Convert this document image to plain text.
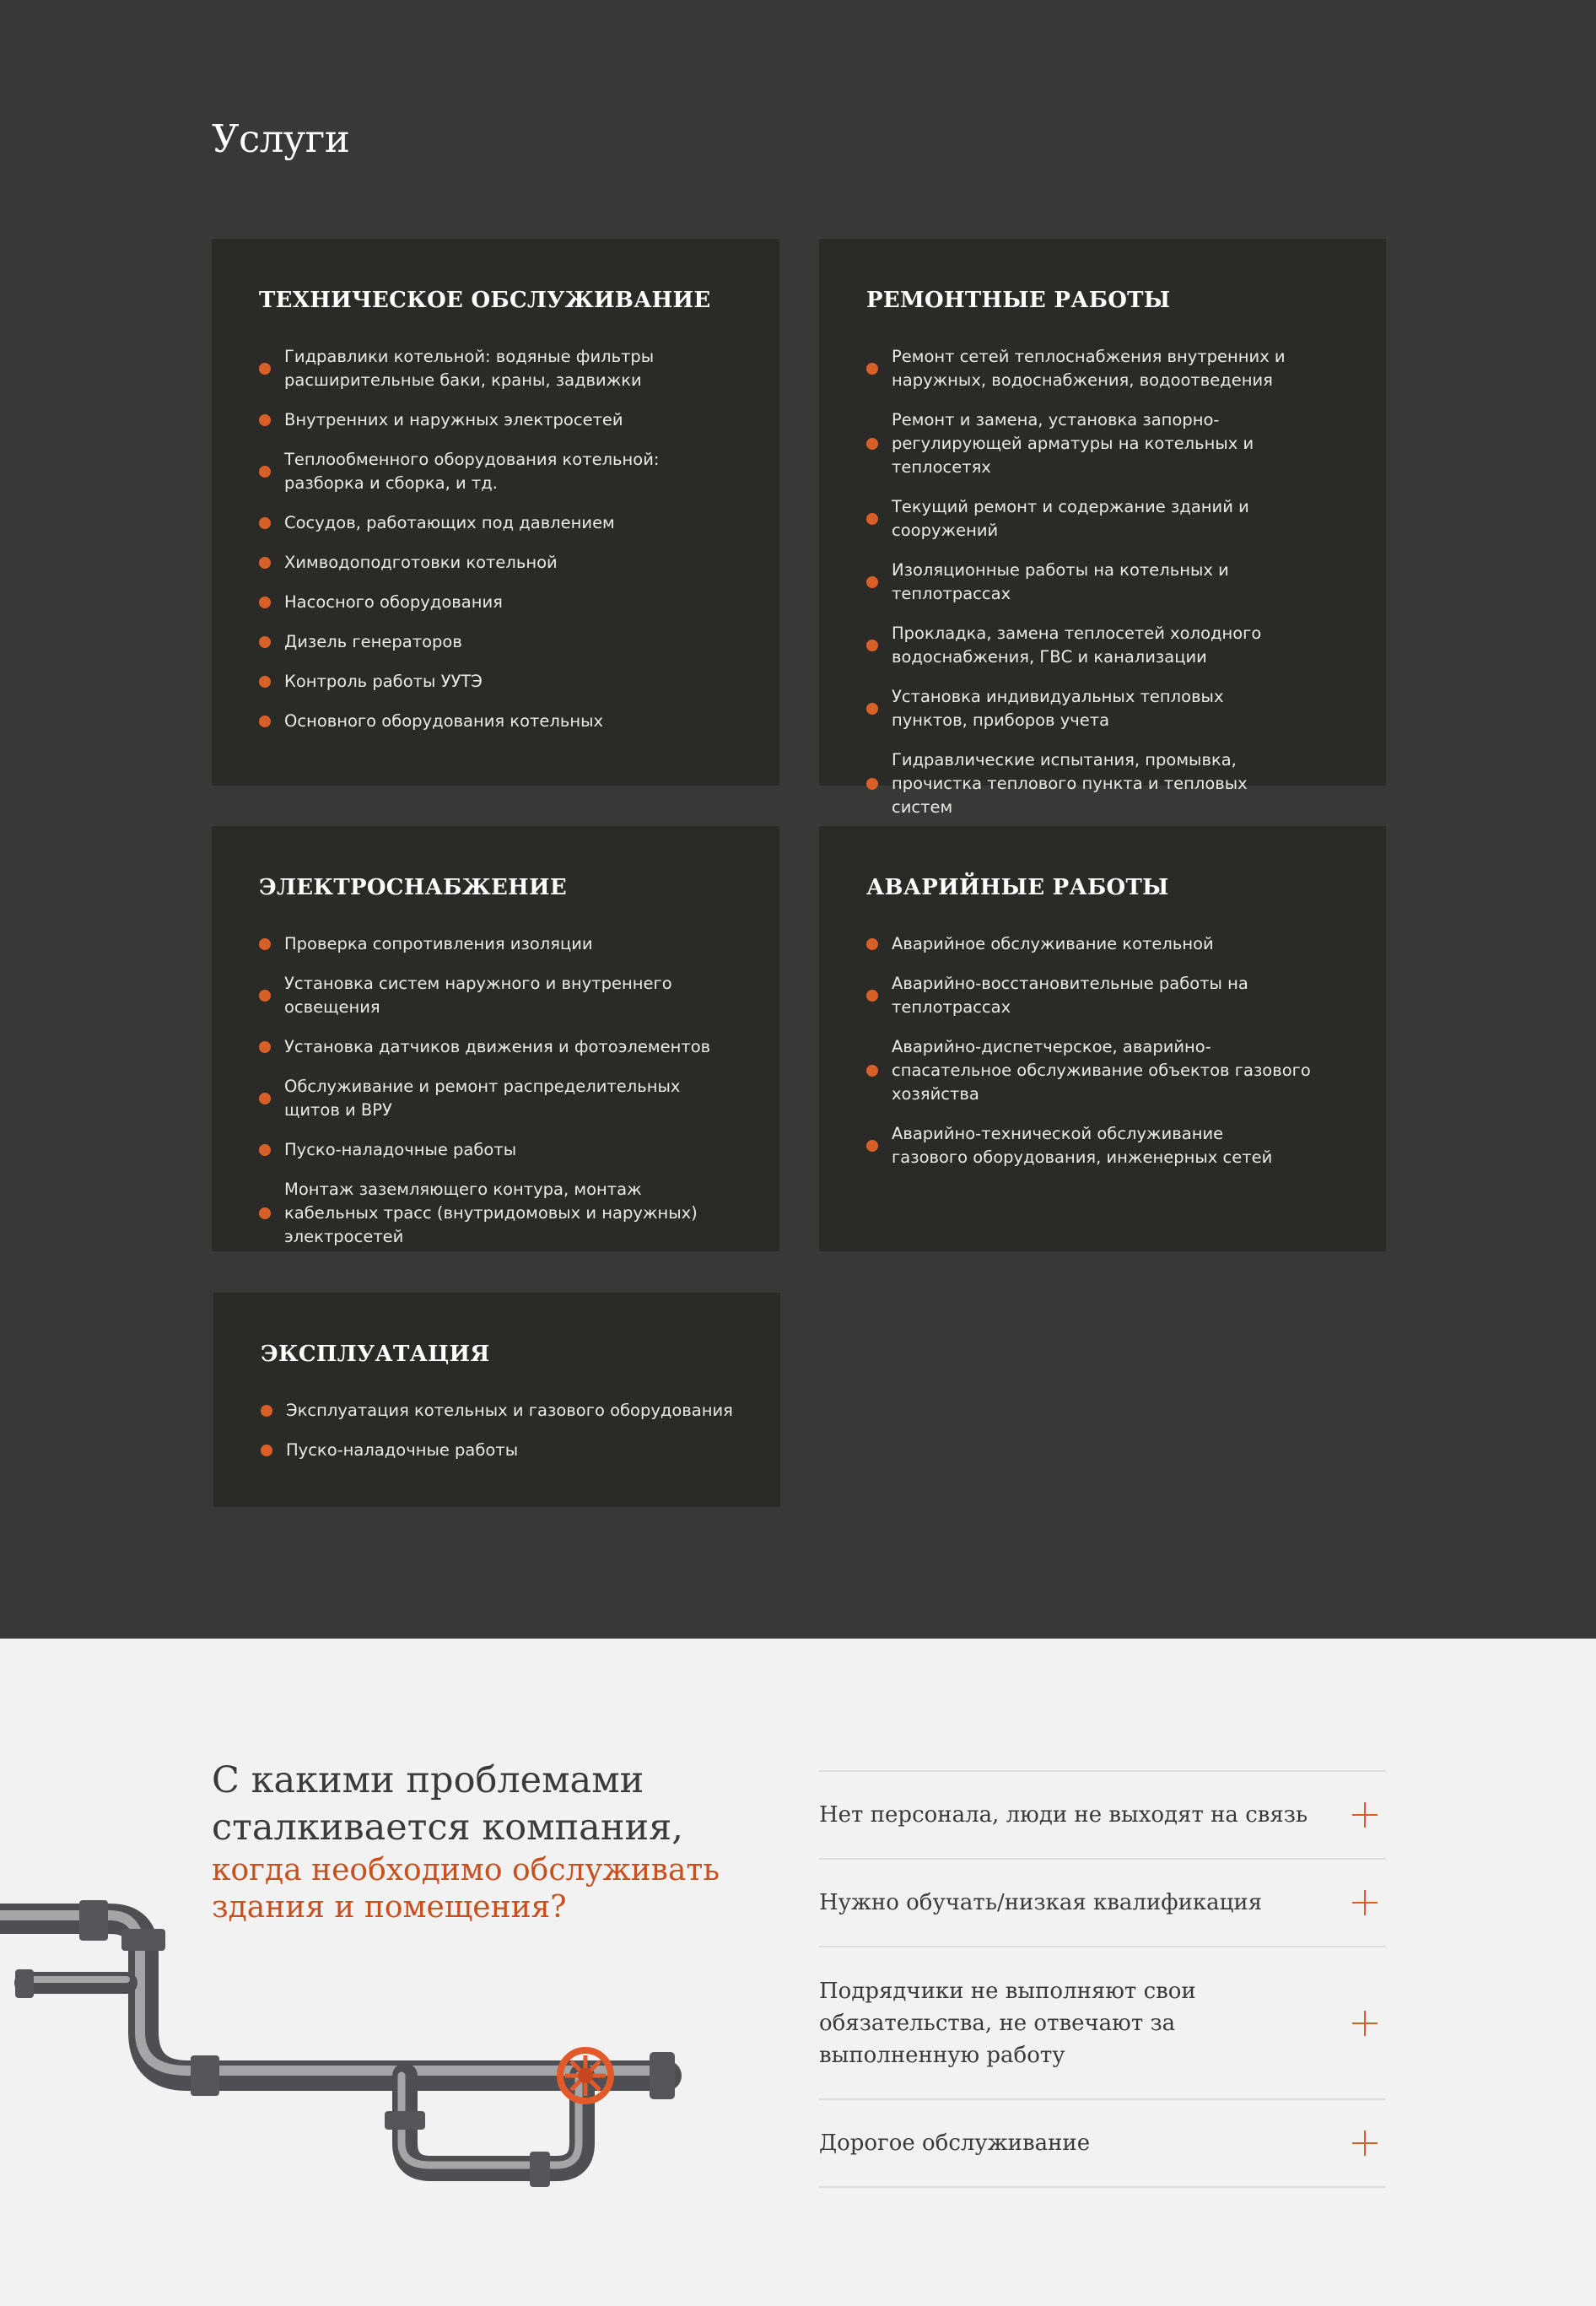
Услуги
ТЕХНИЧЕСКОЕ ОБСЛУЖИВАНИЕ
Гидравлики котельной: водяные фильтры расширительные баки, краны, задвижки
Внутренних и наружных электросетей
Теплообменного оборудования котельной: разборка и сборка, и тд.
Сосудов, работающих под давлением
Химводоподготовки котельной
Насосного оборудования
Дизель генераторов
Контроль работы УУТЭ
Основного оборудования котельных
РЕМОНТНЫЕ РАБОТЫ
Ремонт сетей теплоснабжения внутренних и наружных, водоснабжения, водоотведения
Ремонт и замена, установка запорно-регулирующей арматуры на котельных и теплосетях
Текущий ремонт и содержание зданий и сооружений
Изоляционные работы на котельных и теплотрассах
Прокладка, замена теплосетей холодного водоснабжения, ГВС и канализации
Установка индивидуальных тепловых пунктов, приборов учета
Гидравлические испытания, промывка, прочистка теплового пункта и тепловых систем
ЭЛЕКТРОСНАБЖЕНИЕ
Проверка сопротивления изоляции
Установка систем наружного и внутреннего освещения
Установка датчиков движения и фотоэлементов
Обслуживание и ремонт распределительных щитов и ВРУ
Пуско-наладочные работы
Монтаж заземляющего контура, монтаж кабельных трасс (внутридомовых и наружных) электросетей
АВАРИЙНЫЕ РАБОТЫ
Аварийное обслуживание котельной
Аварийно-восстановительные работы на теплотрассах
Аварийно-диспетчерское, аварийно-спасательное обслуживание объектов газового хозяйства
Аварийно-технической обслуживание газового оборудования, инженерных сетей
ЭКСПЛУАТАЦИЯ
Эксплуатация котельных и газового оборудования
Пуско-наладочные работы
С какими проблемами
сталкивается компания,
когда необходимо обслуживать
здания и помещения?
Нет персонала, люди не выходят на связь
Нужно обучать/низкая квалификация
Подрядчики не выполняют свои обязательства, не отвечают за выполненную работу
Дорогое обслуживание
